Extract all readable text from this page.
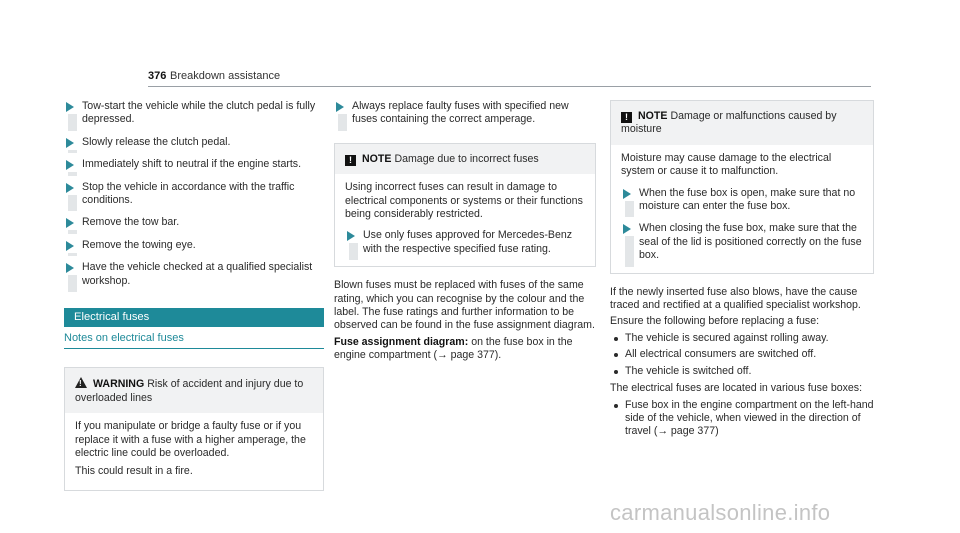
376 Breakdown assistance
Tow-start the vehicle while the clutch pedal is fully depressed.
Slowly release the clutch pedal.
Immediately shift to neutral if the engine starts.
Stop the vehicle in accordance with the traffic conditions.
Remove the tow bar.
Remove the towing eye.
Have the vehicle checked at a qualified specialist workshop.
Electrical fuses
Notes on electrical fuses
!WARNING Risk of accident and injury due to overloaded lines

If you manipulate or bridge a faulty fuse or if you replace it with a fuse with a higher amperage, the electric line could be overloaded.

This could result in a fire.

Always replace faulty fuses with specified new fuses containing the correct amperage.
! NOTE Damage due to incorrect fuses

Using incorrect fuses can result in damage to electrical components or systems or their functions being considerably restricted.

Use only fuses approved for Mercedes-Benz with the respective specified fuse rating.

Blown fuses must be replaced with fuses of the same rating, which you can recognise by the colour and the label. The fuse ratings and further information to be observed can be found in the fuse assignment diagram.

Fuse assignment diagram: on the fuse box in the engine compartment (→ page 377).

! NOTE Damage or malfunctions caused by moisture

Moisture may cause damage to the electrical system or cause it to malfunction.

When the fuse box is open, make sure that no moisture can enter the fuse box.
When closing the fuse box, make sure that the seal of the lid is positioned correctly on the fuse box.

If the newly inserted fuse also blows, have the cause traced and rectified at a qualified specialist workshop.

Ensure the following before replacing a fuse:

The vehicle is secured against rolling away.
All electrical consumers are switched off.
The vehicle is switched off.

The electrical fuses are located in various fuse boxes:

Fuse box in the engine compartment on the left-hand side of the vehicle, when viewed in the direction of travel (→ page 377)
carmanualsonline.info
